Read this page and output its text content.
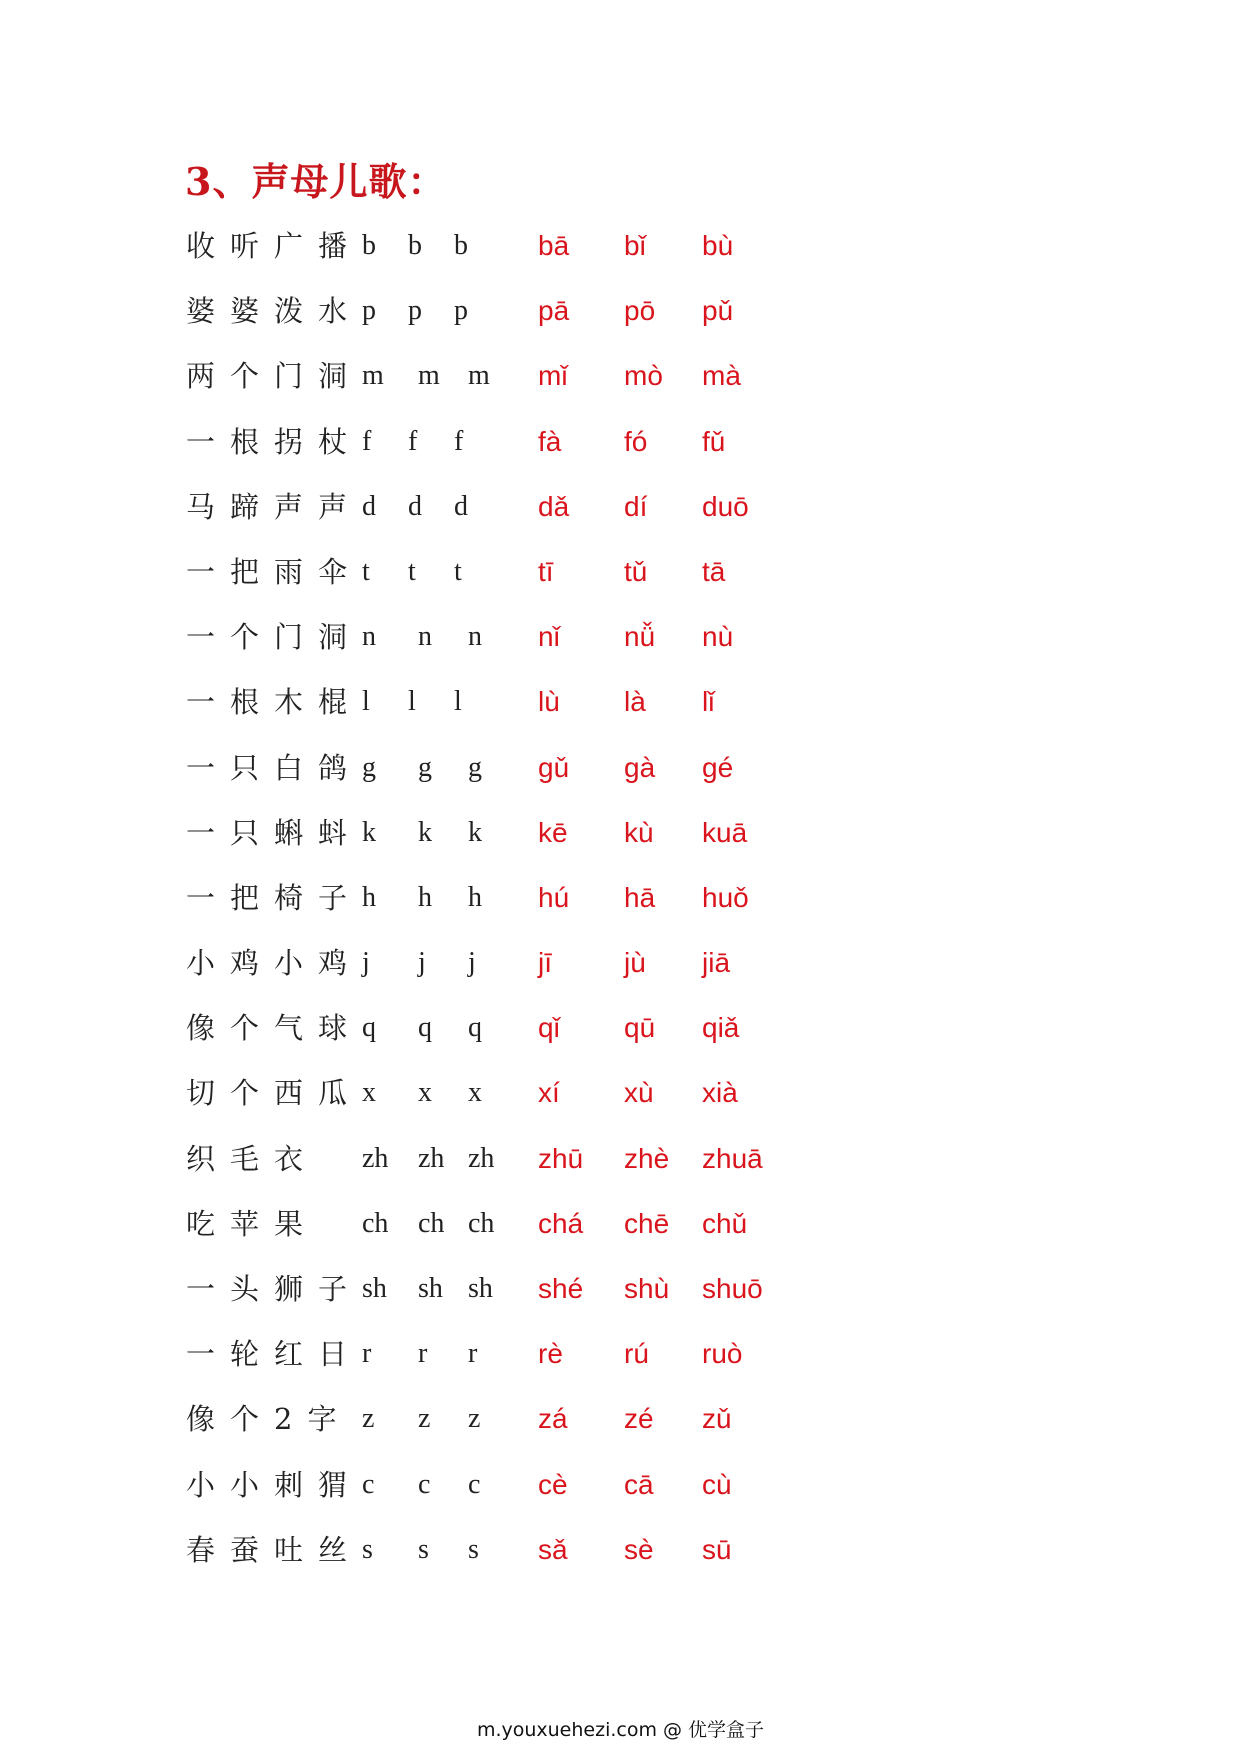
3、声母儿歌：
收听广播 b b b	bā bǐ bù
婆婆泼水 p p p	pā pō pǔ
两个门洞 m m m mǐ mò mà
一根拐杖 f f f	fà fó fǔ
马蹄声声 d d d	dǎ dí duō
一把雨伞 t t t	tī	tǔ tā
一个门洞 n n n nǐ nǚ nù
一根木棍 l l l	lù là lǐ
一只白鸽 g g g gǔ gà gé
一只蝌蚪 k k k kē kù kuā
一把椅子 h h h hú hā huǒ
小鸡小鸡 j j j jī	jù jiā
像个气球 q q q qǐ qū qiǎ
切个西瓜 x x x xí xù xià
织毛衣 zh zh zh zhū zhè zhuā
吃苹果 ch ch ch chá chē chǔ
一头狮子 sh sh sh shé shù shuō
一轮红日 r r r rè rú ruò
像个2字 z z z zá zé zǔ
小小刺猬 c c c cè cā cù
春蚕吐丝 s s s sǎ sè sū
m.youxuehezi.com @ 优学盒子
